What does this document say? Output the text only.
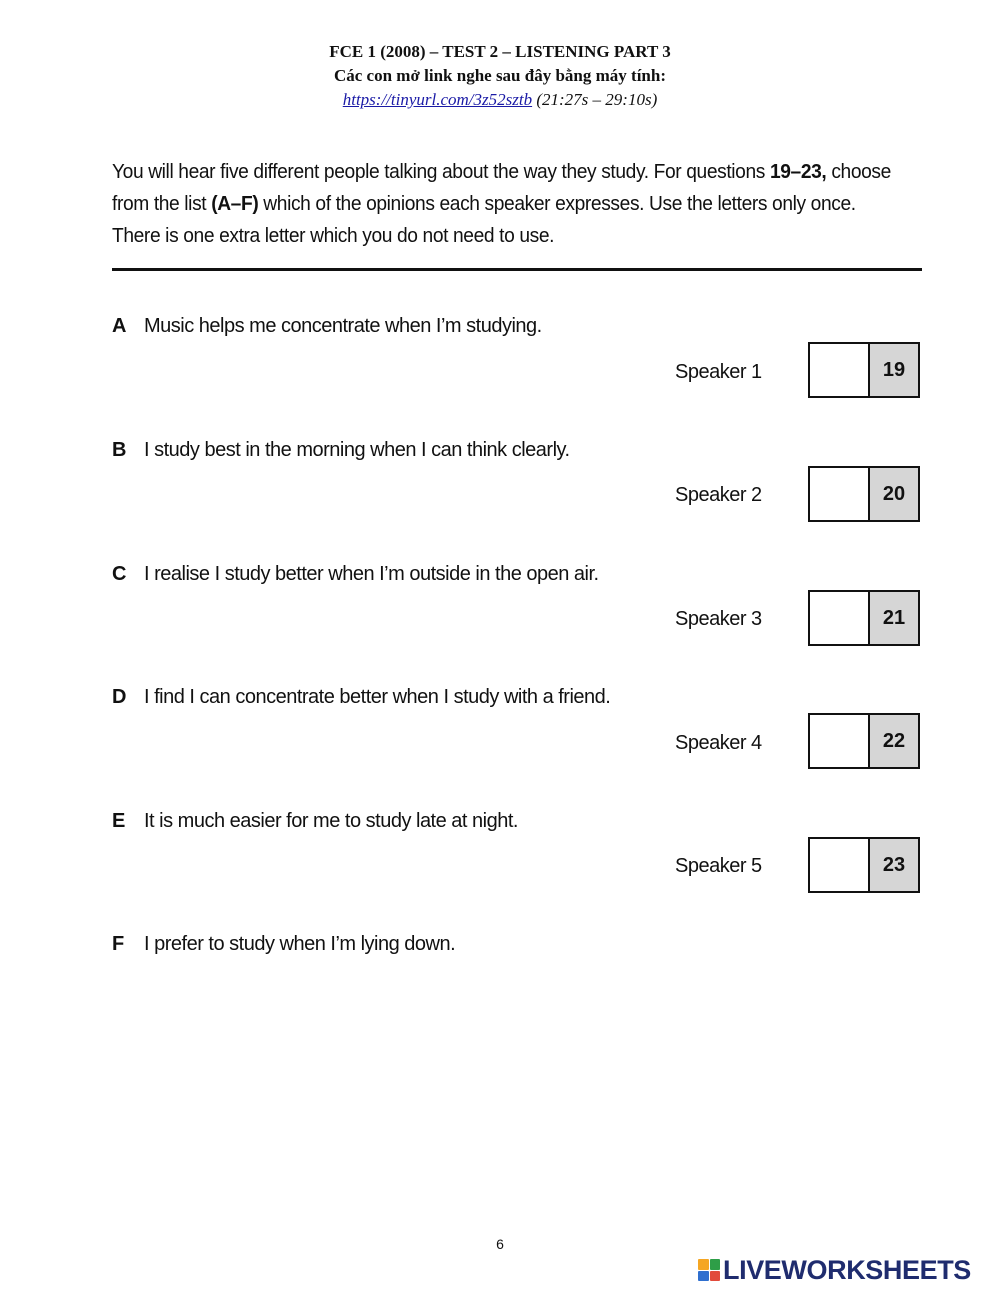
FCE 1 (2008) – TEST 2 – LISTENING PART 3
Các con mở link nghe sau đây bằng máy tính:
https://tinyurl.com/3z52sztb (21:27s – 29:10s)
You will hear five different people talking about the way they study. For questions 19–23, choose from the list (A–F) which of the opinions each speaker expresses. Use the letters only once. There is one extra letter which you do not need to use.
A Music helps me concentrate when I’m studying.
B I study best in the morning when I can think clearly.
C I realise I study better when I’m outside in the open air.
D I find I can concentrate better when I study with a friend.
E It is much easier for me to study late at night.
F I prefer to study when I’m lying down.
Speaker 1	19
Speaker 2	20
Speaker 3	21
Speaker 4	22
Speaker 5	23
6
LIVEWORKSHEETS
